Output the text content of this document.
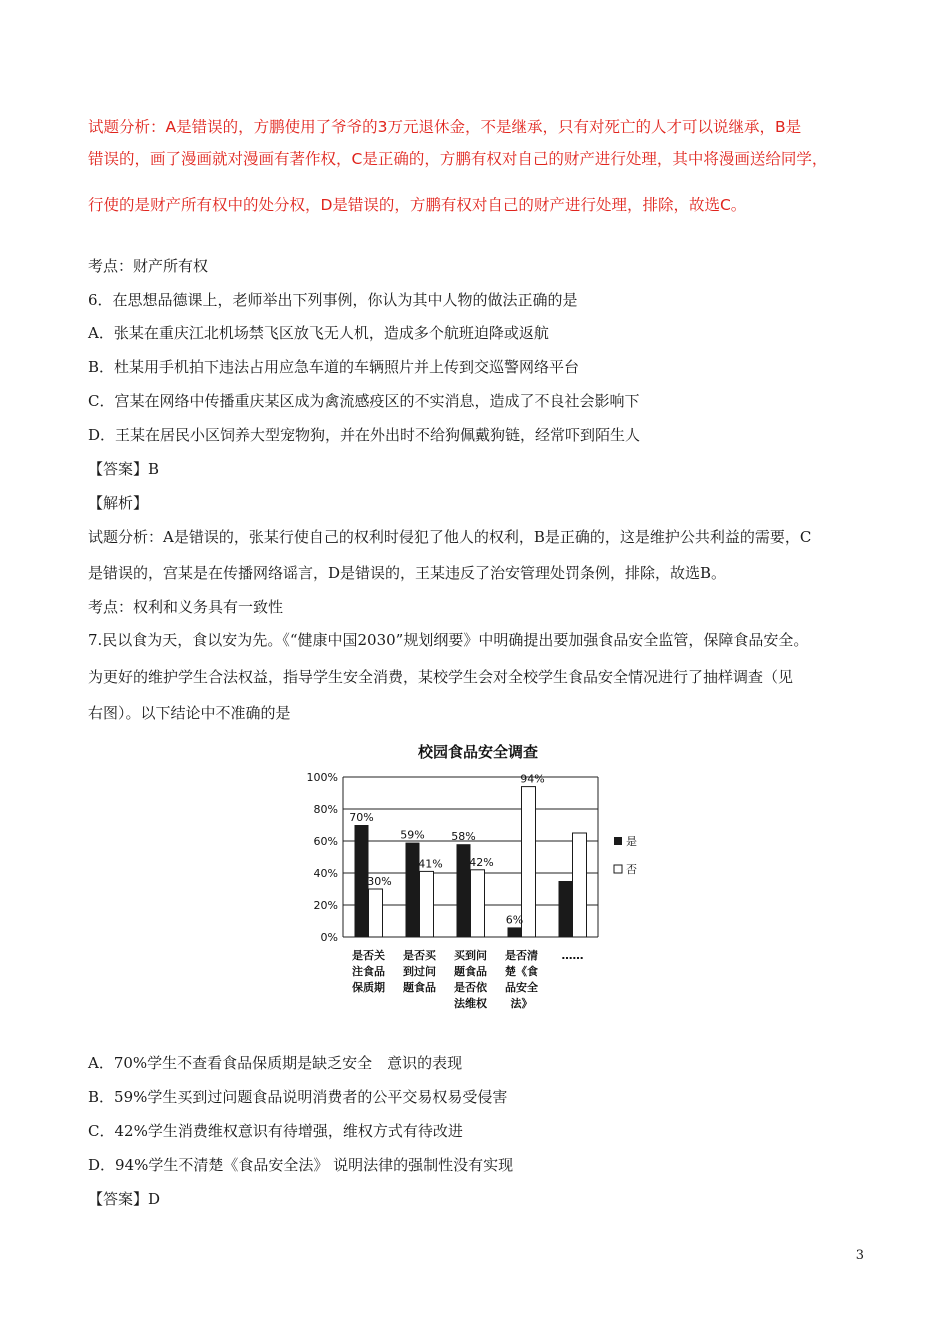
试题分析：A是错误的，方鹏使用了爷爷的3万元退休金，不是继承，只有对死亡的人才可以说继承，B是
错误的，画了漫画就对漫画有著作权，C是正确的，方鹏有权对自己的财产进行处理，其中将漫画送给同学，
行使的是财产所有权中的处分权，D是错误的，方鹏有权对自己的财产进行处理，排除，故选C。
考点：财产所有权
6．在思想品德课上，老师举出下列事例，你认为其中人物的做法正确的是
A．张某在重庆江北机场禁飞区放飞无人机，造成多个航班迫降或返航
B．杜某用手机拍下违法占用应急车道的车辆照片并上传到交巡警网络平台
C．宫某在网络中传播重庆某区成为禽流感疫区的不实消息，造成了不良社会影响下
D．王某在居民小区饲养大型宠物狗，并在外出时不给狗佩戴狗链，经常吓到陌生人
【答案】B
【解析】
试题分析：A是错误的，张某行使自己的权利时侵犯了他人的权利，B是正确的，这是维护公共利益的需要，C
是错误的，宫某是在传播网络谣言，D是错误的，王某违反了治安管理处罚条例，排除，故选B。
考点：权利和义务具有一致性
7.民以食为天，食以安为先。《“健康中国2030”规划纲要》中明确提出要加强食品安全监管，保障食品安全。
为更好的维护学生合法权益，指导学生安全消费，某校学生会对全校学生食品安全情况进行了抽样调查（见
右图）。以下结论中不准确的是
校园食品安全调查
0%
20%
40%
60%
80%
100%
70%
30%
59%
41%
58%
42%
6%
94%
是否关
注食品
保质期
是否买
到过问
题食品
买到问
题食品
是否依
法维权
是否清
楚《食
品安全
法》
……
是
否
A．70%学生不查看食品保质期是缺乏安全　意识的表现
B．59%学生买到过问题食品说明消费者的公平交易权易受侵害
C．42%学生消费维权意识有待增强，维权方式有待改进
D．94%学生不清楚《食品安全法》 说明法律的强制性没有实现
【答案】D
3
